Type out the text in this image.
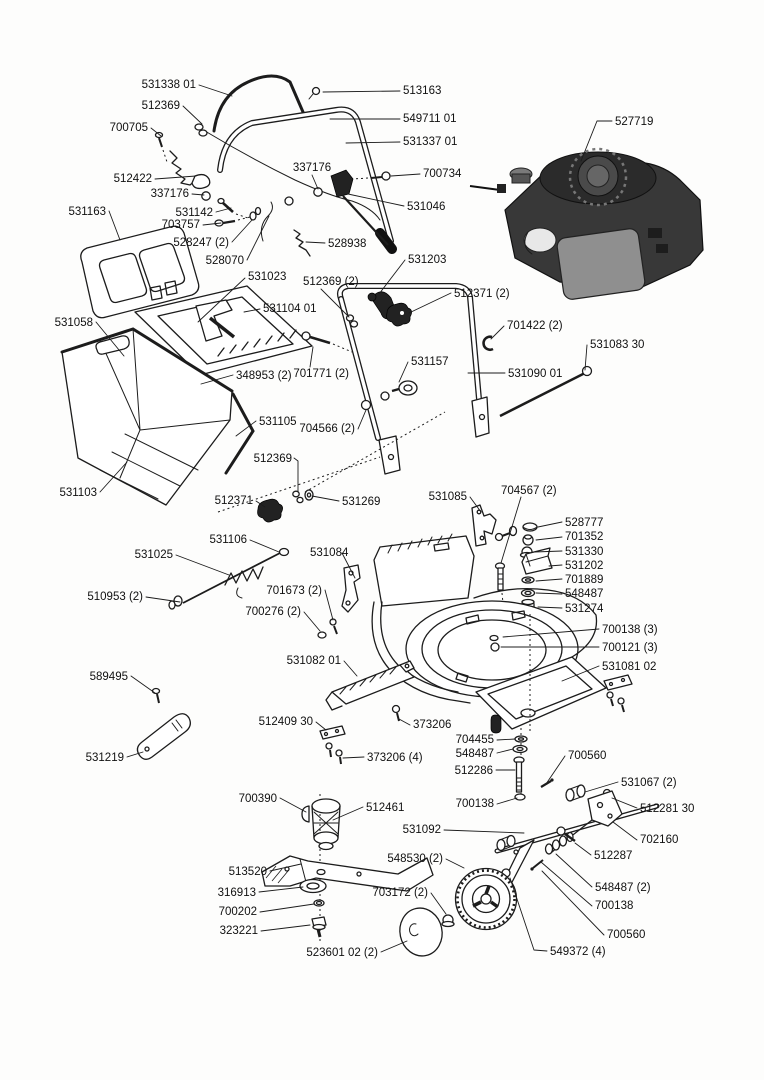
531338 01	513163
512369
549711 01
700705
531337 01
512422
337176	700734
337176
531046
531142
703757
528247 (2)
531163
528070
528938
531023
531104 01
512369 (2)
531203
512371 (2)
701422 (2)
531083 30
531090 01
531157
701771 (2)
704566 (2)
348953 (2)
531105
531058
531103
512369
512371	531269	531085	704567 (2)
528777
701352
531330
531202
701889
548487
531274
531106
531025	531084
510953 (2)	701673 (2)
700276 (2)
700138 (3)
700121 (3)
531081 02
589495
531219
531082 01
512409 30	373206
373206 (4)
704455
548487
512286
700560
700138
531067 (2)
512281 30
702160
512287
700390
512461
531092
548530 (2)
513520
316913
700202
323221
703172 (2)
523601 02 (2)
548487 (2)
700138
700560
549372 (4)
527719
